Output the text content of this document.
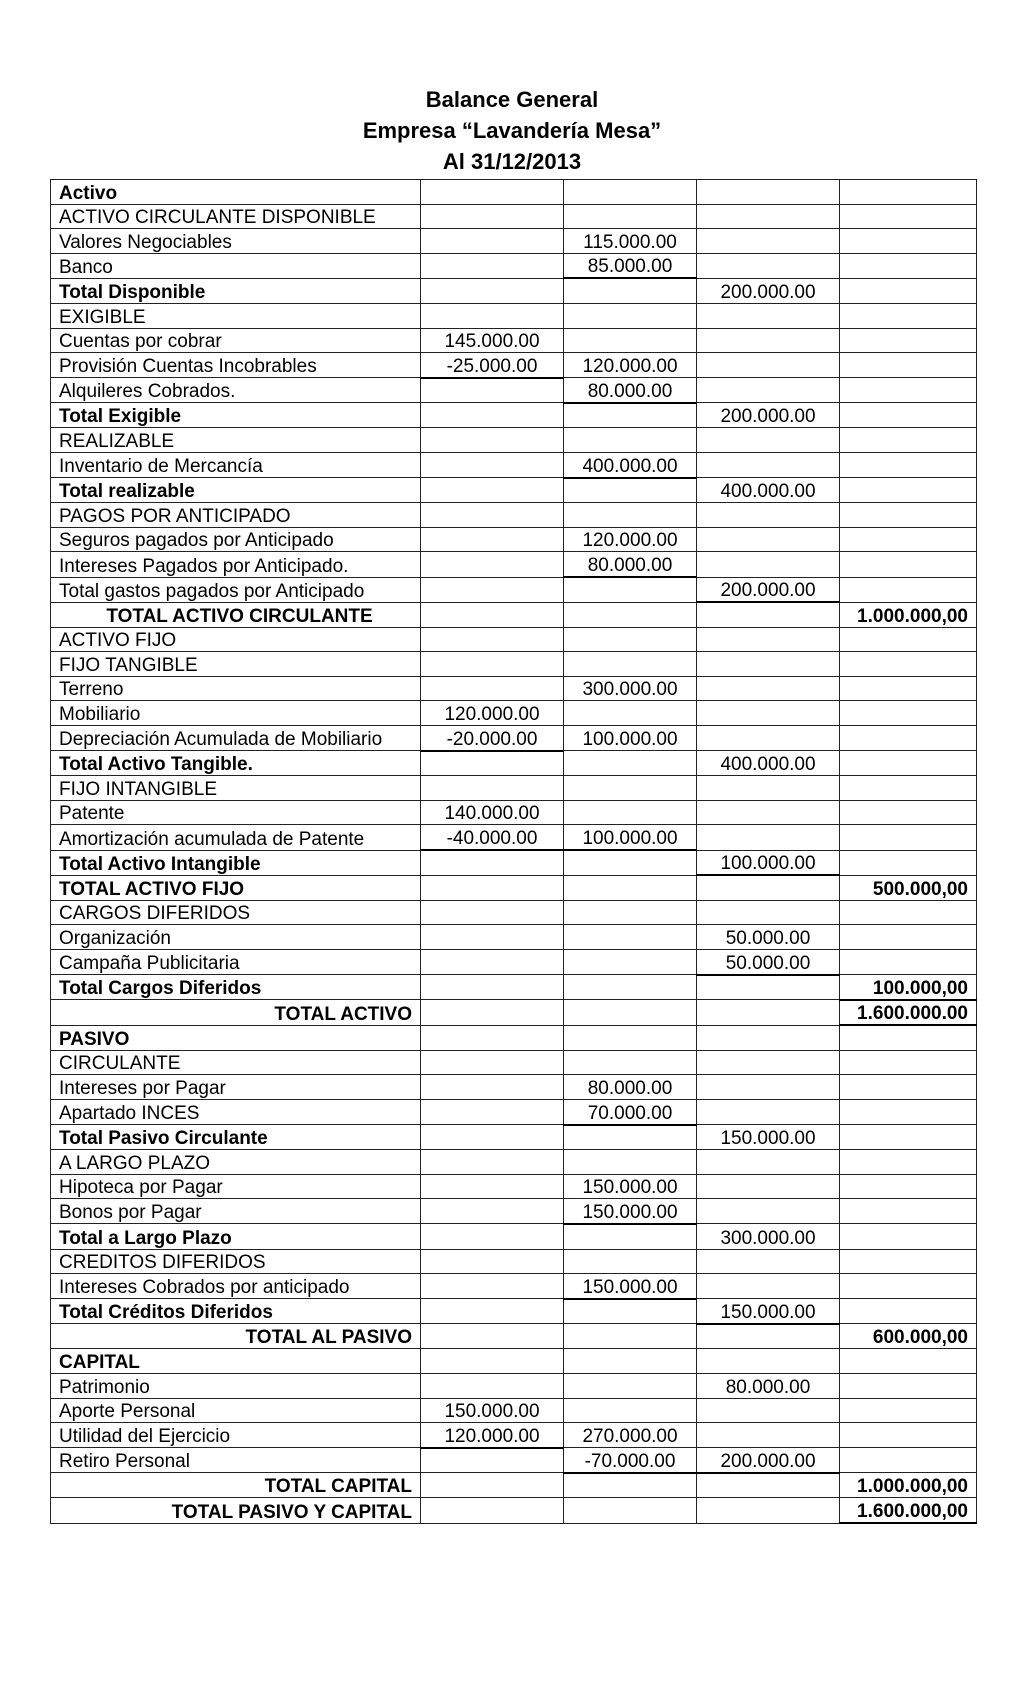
Balance General
Empresa “Lavandería Mesa”
Al 31/12/2013
Activo				
ACTIVO CIRCULANTE DISPONIBLE				
Valores Negociables		115.000.00		
Banco		85.000.00		
Total Disponible			200.000.00	
EXIGIBLE				
Cuentas por cobrar	145.000.00			
Provisión Cuentas Incobrables	-25.000.00	120.000.00		
Alquileres Cobrados.		80.000.00		
Total Exigible			200.000.00	
REALIZABLE				
Inventario de Mercancía		400.000.00		
Total realizable			400.000.00	
PAGOS POR ANTICIPADO				
Seguros pagados por Anticipado		120.000.00		
Intereses Pagados por Anticipado.		80.000.00		
Total gastos pagados por Anticipado			200.000.00	
TOTAL ACTIVO CIRCULANTE				1.000.000,00
ACTIVO FIJO				
FIJO TANGIBLE				
Terreno		300.000.00		
Mobiliario	120.000.00			
Depreciación Acumulada de Mobiliario	-20.000.00	100.000.00		
Total Activo Tangible.			400.000.00	
FIJO INTANGIBLE				
Patente	140.000.00			
Amortización acumulada de Patente	-40.000.00	100.000.00		
Total Activo Intangible			100.000.00	
TOTAL ACTIVO FIJO				500.000,00
CARGOS DIFERIDOS				
Organización			50.000.00	
Campaña Publicitaria			50.000.00	
Total Cargos Diferidos				100.000,00
TOTAL ACTIVO				1.600.000.00
PASIVO				
CIRCULANTE				
Intereses por Pagar		80.000.00		
Apartado INCES		70.000.00		
Total Pasivo Circulante			150.000.00	
A LARGO PLAZO				
Hipoteca por Pagar		150.000.00		
Bonos por Pagar		150.000.00		
Total a Largo Plazo			300.000.00	
CREDITOS DIFERIDOS				
Intereses Cobrados por anticipado		150.000.00		
Total Créditos Diferidos			150.000.00	
TOTAL AL PASIVO				600.000,00
CAPITAL				
Patrimonio			80.000.00	
Aporte Personal	150.000.00			
Utilidad del Ejercicio	120.000.00	270.000.00		
Retiro Personal		-70.000.00	200.000.00	
TOTAL CAPITAL				1.000.000,00
TOTAL PASIVO Y CAPITAL				1.600.000,00
